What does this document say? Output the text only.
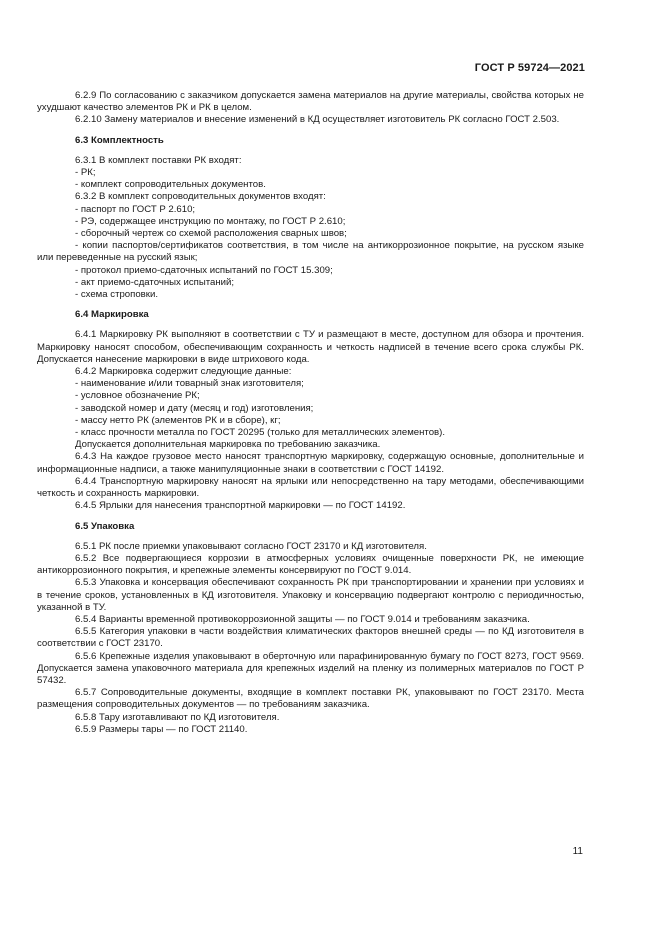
ГОСТ Р 59724—2021

6.2.9 По согласованию с заказчиком допускается замена материалов на другие материалы, свойства которых не ухудшают качество элементов РК и РК в целом.

6.2.10 Замену материалов и внесение изменений в КД осуществляет изготовитель РК согласно ГОСТ 2.503.

6.3 Комплектность

6.3.1 В комплект поставки РК входят:

- РК;

- комплект сопроводительных документов.

6.3.2 В комплект сопроводительных документов входят:

- паспорт по ГОСТ Р 2.610;

- РЭ, содержащее инструкцию по монтажу, по ГОСТ Р 2.610;

- сборочный чертеж со схемой расположения сварных швов;

- копии паспортов/сертификатов соответствия, в том числе на антикоррозионное покрытие, на русском языке или переведенные на русский язык;

- протокол приемо-сдаточных испытаний по ГОСТ 15.309;

- акт приемо-сдаточных испытаний;

- схема строповки.

6.4 Маркировка

6.4.1 Маркировку РК выполняют в соответствии с ТУ и размещают в месте, доступном для обзора и прочтения. Маркировку наносят способом, обеспечивающим сохранность и четкость надписей в течение всего срока службы РК. Допускается нанесение маркировки в виде штрихового кода.

6.4.2 Маркировка содержит следующие данные:

- наименование и/или товарный знак изготовителя;

- условное обозначение РК;

- заводской номер и дату (месяц и год) изготовления;

- массу нетто РК (элементов РК и в сборе), кг;

- класс прочности металла по ГОСТ 20295 (только для металлических элементов).

Допускается дополнительная маркировка по требованию заказчика.

6.4.3 На каждое грузовое место наносят транспортную маркировку, содержащую основные, дополнительные и информационные надписи, а также манипуляционные знаки в соответствии с ГОСТ 14192.

6.4.4 Транспортную маркировку наносят на ярлыки или непосредственно на тару методами, обеспечивающими четкость и сохранность маркировки.

6.4.5 Ярлыки для нанесения транспортной маркировки — по ГОСТ 14192.

6.5 Упаковка

6.5.1 РК после приемки упаковывают согласно ГОСТ 23170 и КД изготовителя.

6.5.2 Все подвергающиеся коррозии в атмосферных условиях очищенные поверхности РК, не имеющие антикоррозионного покрытия, и крепежные элементы консервируют по ГОСТ 9.014.

6.5.3 Упаковка и консервация обеспечивают сохранность РК при транспортировании и хранении при условиях и в течение сроков, установленных в КД изготовителя. Упаковку и консервацию подвергают контролю с периодичностью, указанной в ТУ.

6.5.4 Варианты временной противокоррозионной защиты — по ГОСТ 9.014 и требованиям заказчика.

6.5.5 Категория упаковки в части воздействия климатических факторов внешней среды — по КД изготовителя в соответствии с ГОСТ 23170.

6.5.6 Крепежные изделия упаковывают в оберточную или парафинированную бумагу по ГОСТ 8273, ГОСТ 9569. Допускается замена упаковочного материала для крепежных изделий на пленку из полимерных материалов по ГОСТ Р 57432.

6.5.7 Сопроводительные документы, входящие в комплект поставки РК, упаковывают по ГОСТ 23170. Места размещения сопроводительных документов — по требованиям заказчика.

6.5.8 Тару изготавливают по КД изготовителя.

6.5.9 Размеры тары — по ГОСТ 21140.

11
